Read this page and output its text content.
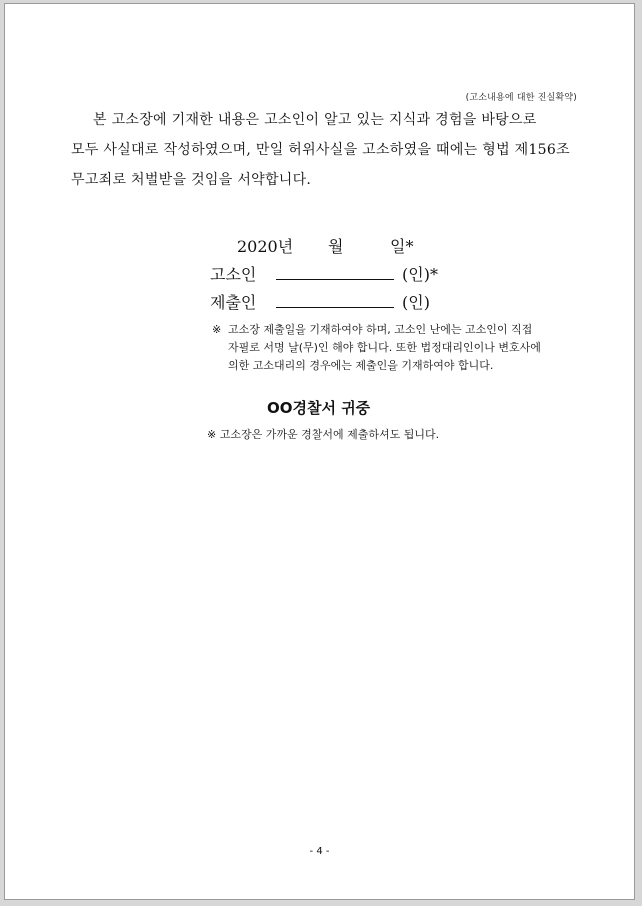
(고소내용에 대한 진실확약)

본 고소장에 기재한 내용은 고소인이 알고 있는 지식과 경험을 바탕으로

모두 사실대로 작성하였으며, 만일 허위사실을 고소하였을 때에는 형법 제156조

무고죄로 처벌받을 것임을 서약합니다.

2020년 월	일*
고소인	(인)*
제출인	(인)
※ 고소장 제출일을 기재하여야 하며, 고소인 난에는 고소인이 직접
자필로 서명 날(무)인 해야 합니다. 또한 법정대리인이나 변호사에
의한 고소대리의 경우에는 제출인을 기재하여야 합니다.
OO경찰서 귀중
※ 고소장은 가까운 경찰서에 제출하셔도 됩니다.
- 4 -
